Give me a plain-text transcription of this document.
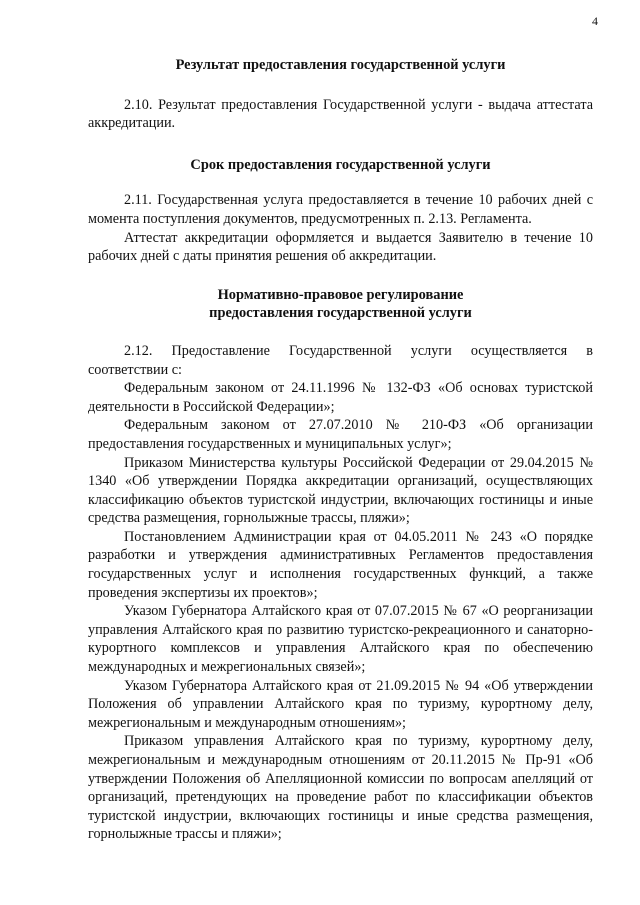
4
Результат предоставления государственной услуги

2.10. Результат предоставления Государственной услуги - выдача аттестата аккредитации.

Срок предоставления государственной услуги

2.11. Государственная услуга предоставляется в течение 10 рабочих дней с момента поступления документов, предусмотренных п. 2.13. Регламента.

Аттестат аккредитации оформляется и выдается Заявителю в течение 10 рабочих дней с даты принятия решения об аккредитации.

Нормативно-правовое регулирование
предоставления государственной услуги

2.12. Предоставление Государственной услуги осуществляется в соответствии с:

Федеральным законом от 24.11.1996 № 132-ФЗ «Об основах туристской деятельности в Российской Федерации»;

Федеральным законом от 27.07.2010 № 210-ФЗ «Об организации предоставления государственных и муниципальных услуг»;

Приказом Министерства культуры Российской Федерации от 29.04.2015 № 1340 «Об утверждении Порядка аккредитации организаций, осуществляющих классификацию объектов туристской индустрии, включающих гостиницы и иные средства размещения, горнолыжные трассы, пляжи»;

Постановлением Администрации края от 04.05.2011 № 243 «О порядке разработки и утверждения административных Регламентов предоставления государственных услуг и исполнения государственных функций, а также проведения экспертизы их проектов»;

Указом Губернатора Алтайского края от 07.07.2015 № 67 «О реорганизации управления Алтайского края по развитию туристско-рекреационного и санаторно-курортного комплексов и управления Алтайского края по обеспечению международных и межрегиональных связей»;

Указом Губернатора Алтайского края от 21.09.2015 № 94 «Об утверждении Положения об управлении Алтайского края по туризму, курортному делу, межрегиональным и международным отношениям»;

Приказом управления Алтайского края по туризму, курортному делу, межрегиональным и международным отношениям от 20.11.2015 № Пр-91 «Об утверждении Положения об Апелляционной комиссии по вопросам апелляций от организаций, претендующих на проведение работ по классификации объектов туристской индустрии, включающих гостиницы и иные средства размещения, горнолыжные трассы и пляжи»;
